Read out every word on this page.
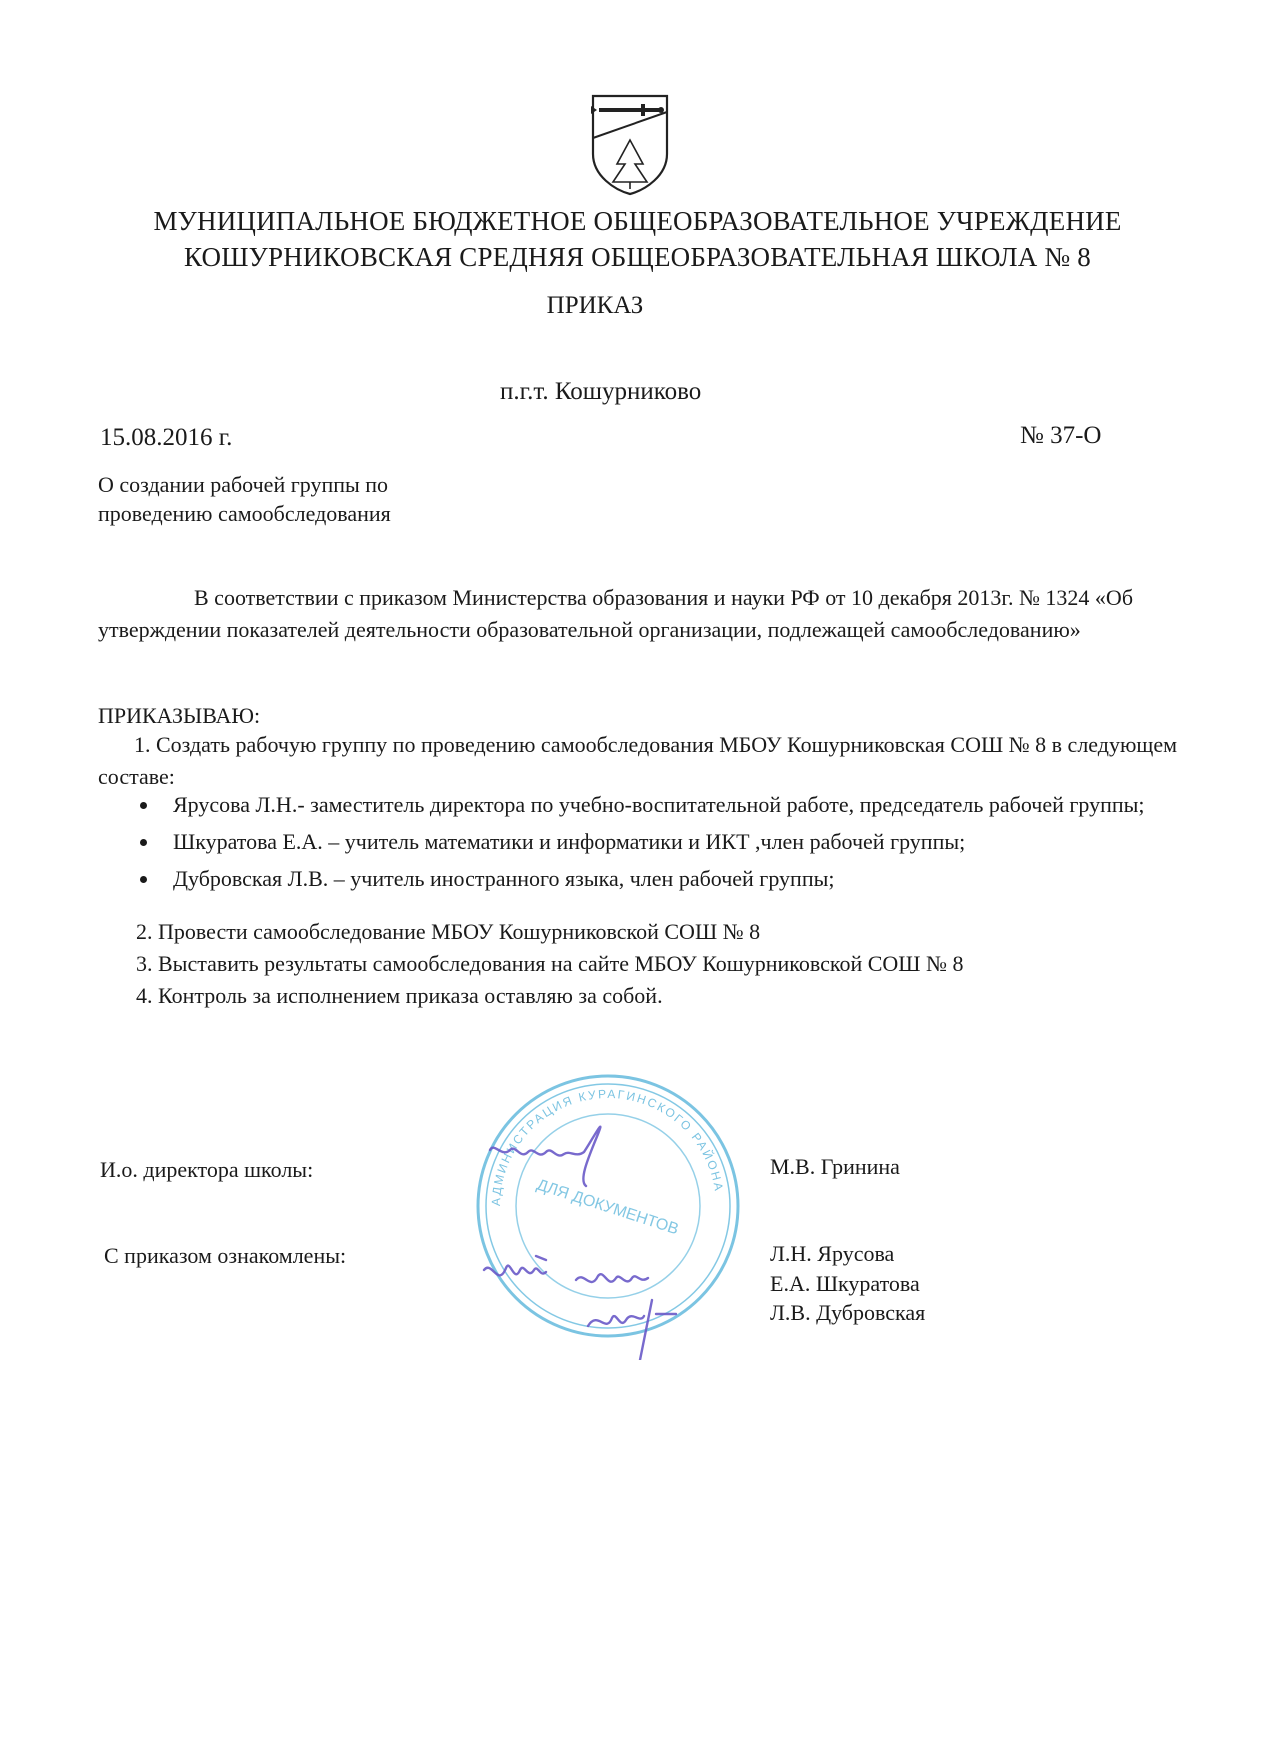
МУНИЦИПАЛЬНОЕ БЮДЖЕТНОЕ ОБЩЕОБРАЗОВАТЕЛЬНОЕ УЧРЕЖДЕНИЕ
КОШУРНИКОВСКАЯ СРЕДНЯЯ ОБЩЕОБРАЗОВАТЕЛЬНАЯ ШКОЛА № 8
ПРИКАЗ
п.г.т. Кошурниково
15.08.2016 г.	№ 37-О
О создании рабочей группы по
проведению самообследования
В соответствии с приказом Министерства образования и науки РФ от 10 декабря 2013г. № 1324 «Об утверждении показателей деятельности образовательной организации, подлежащей самообследованию»
ПРИКАЗЫВАЮ:
1. Создать рабочую группу по проведению самообследования МБОУ Кошурниковская СОШ № 8 в следующем составе:
Ярусова Л.Н.- заместитель директора по учебно-воспитательной работе, председатель рабочей группы;
Шкуратова Е.А. – учитель математики и информатики и ИКТ ,член рабочей группы;
Дубровская Л.В. – учитель иностранного языка, член рабочей группы;
2. Провести самообследование МБОУ Кошурниковской СОШ № 8
3. Выставить результаты самообследования на сайте МБОУ Кошурниковской СОШ № 8
4. Контроль за исполнением приказа оставляю за собой.
И.о. директора школы:	М.В. Гринина
С приказом ознакомлены:	Л.Н. Ярусова
Е.А. Шкуратова
Л.В. Дубровская
АДМИНИСТРАЦИЯ КУРАГИНСКОГО РАЙОНА
ДЛЯ ДОКУМЕНТОВ
